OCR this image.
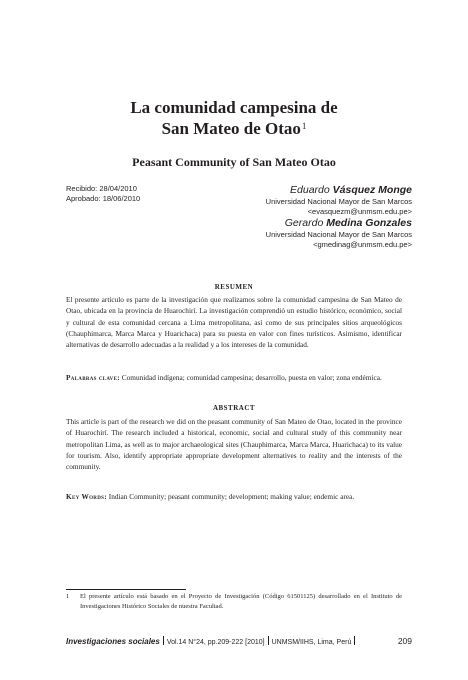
La comunidad campesina de
San Mateo de Otao$^1$
Peasant Community of San Mateo Otao
Recibido: 28/04/2010
Aprobado: 18/06/2010
Eduardo Vásquez Monge
Universidad Nacional Mayor de San Marcos
<evasquezm@unmsm.edu.pe>
Gerardo Medina Gonzales
Universidad Nacional Mayor de San Marcos
<gmedinag@unmsm.edu.pe>
RESUMEN
El presente artículo es parte de la investigación que realizamos sobre la comunidad campesina de San Mateo de Otao, ubicada en la provincia de Huarochirí. La investigación comprendió un estudio histórico, económico, social y cultural de esta comunidad cercana a Lima metropolitana, así como de sus principales sitios arqueológicos (Chauphimarca, Marca Marca y Huarichaca) para su puesta en valor con fines turísticos. Asimismo, identificar alternativas de desarrollo adecuadas a la realidad y a los intereses de la comunidad.
Palabras clave: Comunidad indígena; comunidad campesina; desarrollo, puesta en valor; zona endémica.
ABSTRACT
This article is part of the research we did on the peasant community of San Mateo de Otao, located in the province of Huarochirí. The research included a historical, economic, social and cultural study of this community near metropolitan Lima, as well as to major archaeological sites (Chauphimarca, Marca Marca, Huarichaca) to its value for tourism. Also, identify appropriate appropriate development alternatives to reality and the interests of the community.
Key Words: Indian Community; peasant community; development; making value; endemic area.
1 El presente artículo está basado en el Proyecto de Investigación (Código 61501125) desarrollado en el Instituto de Investigaciones Histórico Sociales de nuestra Facultad.
Investigaciones sociales Vol.14 N°24, pp.209-222 [2010] UNMSM/IIHS, Lima, Perú	209
